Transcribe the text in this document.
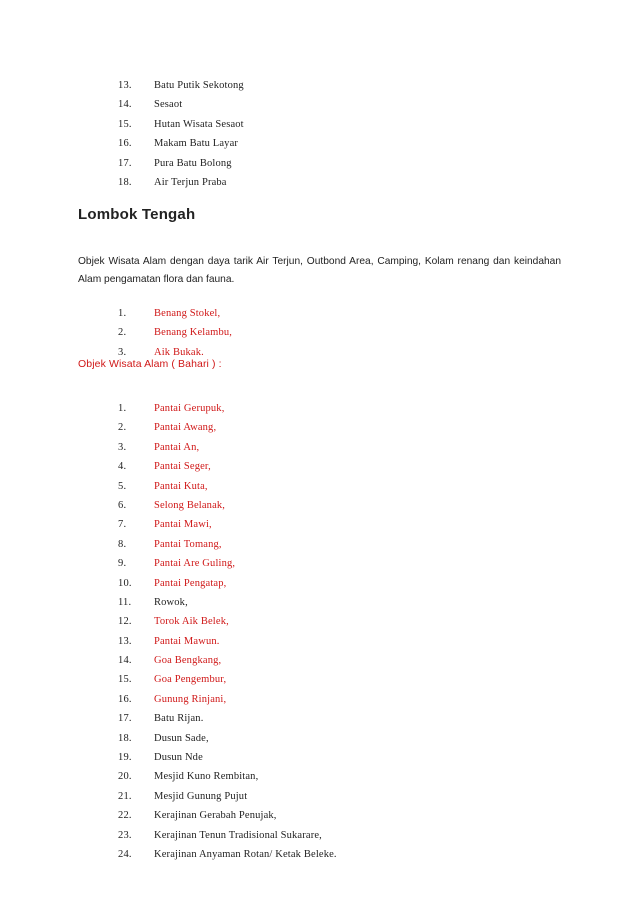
13. Batu Putik Sekotong
14. Sesaot
15. Hutan Wisata Sesaot
16. Makam Batu Layar
17. Pura Batu Bolong
18. Air Terjun Praba
Lombok Tengah

Objek Wisata Alam dengan daya tarik Air Terjun, Outbond Area, Camping, Kolam renang dan keindahan Alam pengamatan flora dan fauna.

1.	Benang Stokel,
2.	Benang Kelambu,
3.	Aik Bukak.
Objek Wisata Alam ( Bahari ) :
1.	Pantai Gerupuk,
2.	Pantai Awang,
3.	Pantai An,
4.	Pantai Seger,
5.	Pantai Kuta,
6.	Selong Belanak,
7.	Pantai Mawi,
8.	Pantai Tomang,
9.	Pantai Are Guling,
10. Pantai Pengatap,
11. Rowok,
12. Torok Aik Belek,
13. Pantai Mawun.
14. Goa Bengkang,
15. Goa Pengembur,
16. Gunung Rinjani,
17. Batu Rijan.
18. Dusun Sade,
19. Dusun Nde
20. Mesjid Kuno Rembitan,
21. Mesjid Gunung Pujut
22. Kerajinan Gerabah Penujak,
23. Kerajinan Tenun Tradisional Sukarare,
24. Kerajinan Anyaman Rotan/ Ketak Beleke.
